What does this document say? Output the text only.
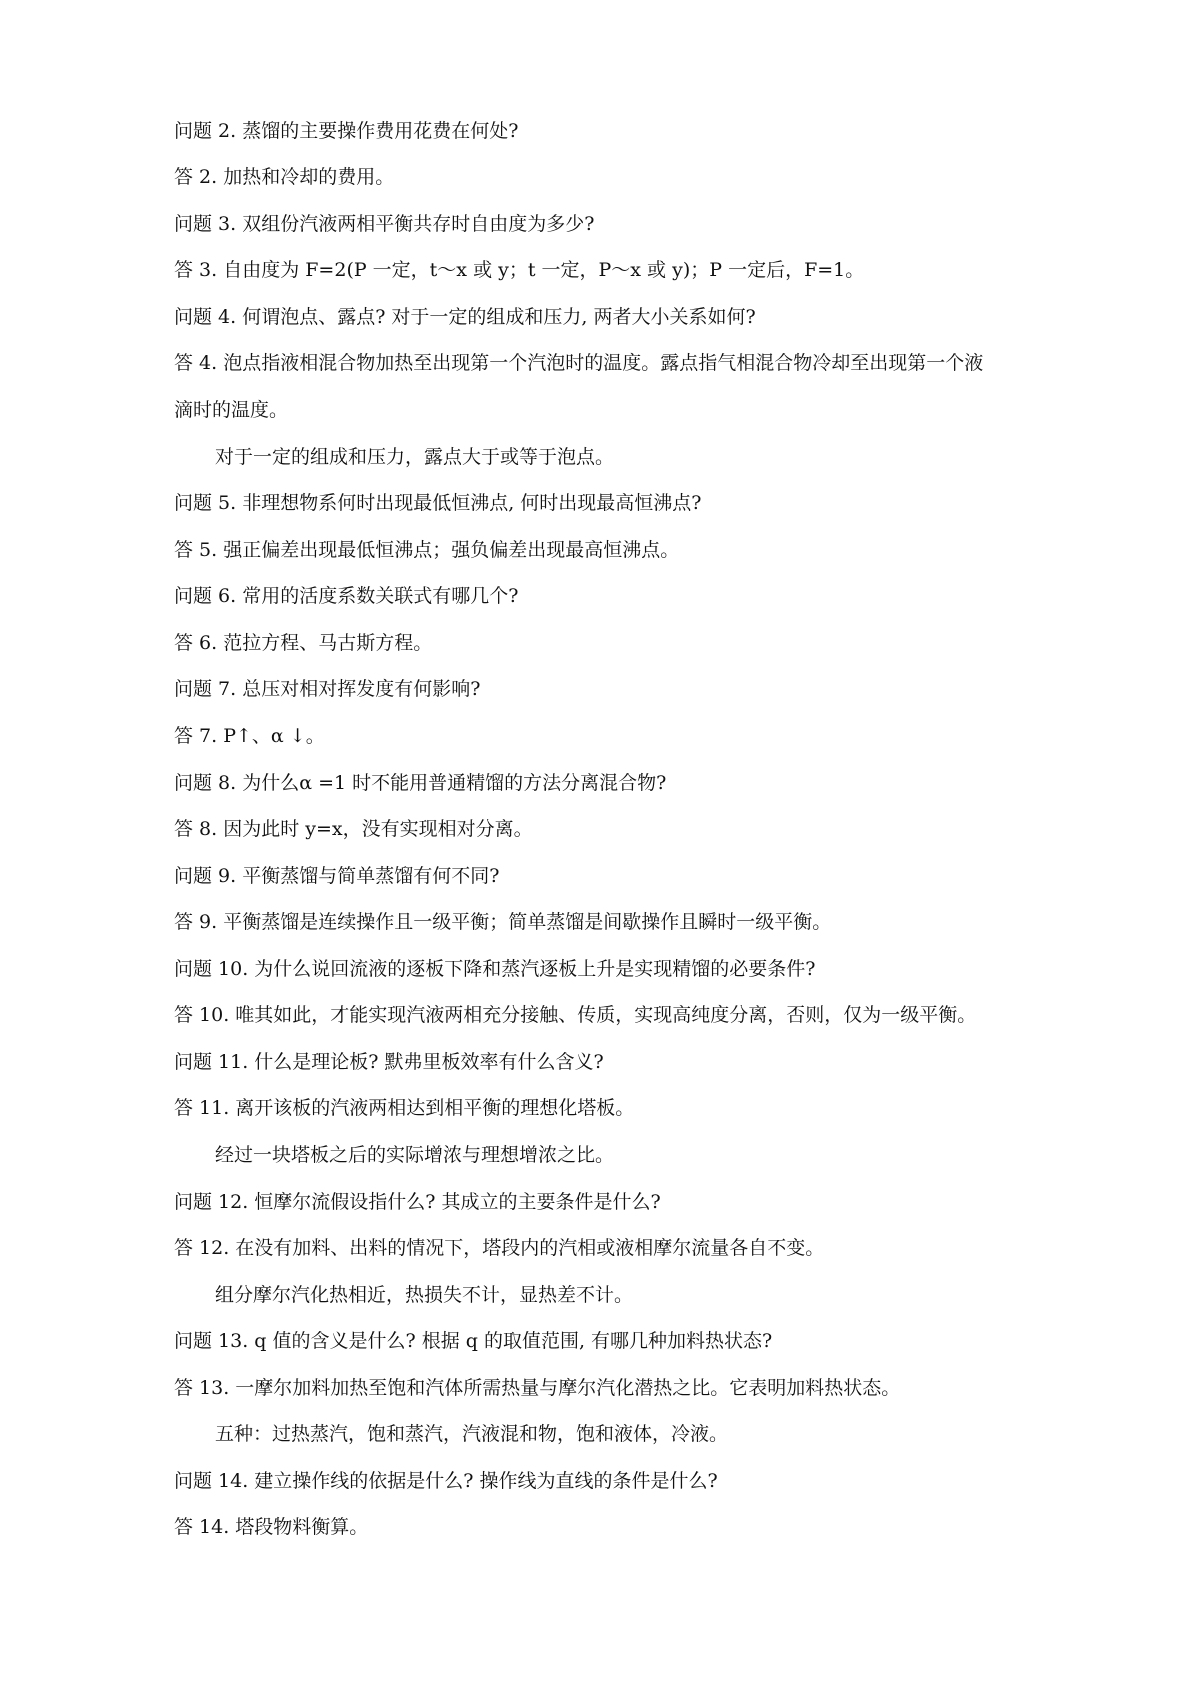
问题 2. 蒸馏的主要操作费用花费在何处?
答 2. 加热和冷却的费用。
问题 3. 双组份汽液两相平衡共存时自由度为多少?
答 3. 自由度为 F=2(P 一定，t～x 或 y；t 一定，P～x 或 y)；P 一定后，F=1。
问题 4. 何谓泡点、露点? 对于一定的组成和压力, 两者大小关系如何?
答 4. 泡点指液相混合物加热至出现第一个汽泡时的温度。露点指气相混合物冷却至出现第一个液
滴时的温度。
对于一定的组成和压力，露点大于或等于泡点。
问题 5. 非理想物系何时出现最低恒沸点, 何时出现最高恒沸点?
答 5. 强正偏差出现最低恒沸点；强负偏差出现最高恒沸点。
问题 6. 常用的活度系数关联式有哪几个?
答 6. 范拉方程、马古斯方程。
问题 7. 总压对相对挥发度有何影响?
答 7. P↑、α ↓。
问题 8. 为什么α =1 时不能用普通精馏的方法分离混合物?
答 8. 因为此时 y=x，没有实现相对分离。
问题 9. 平衡蒸馏与简单蒸馏有何不同?
答 9. 平衡蒸馏是连续操作且一级平衡；简单蒸馏是间歇操作且瞬时一级平衡。
问题 10. 为什么说回流液的逐板下降和蒸汽逐板上升是实现精馏的必要条件?
答 10. 唯其如此，才能实现汽液两相充分接触、传质，实现高纯度分离，否则，仅为一级平衡。
问题 11. 什么是理论板? 默弗里板效率有什么含义?
答 11. 离开该板的汽液两相达到相平衡的理想化塔板。
经过一块塔板之后的实际增浓与理想增浓之比。
问题 12. 恒摩尔流假设指什么? 其成立的主要条件是什么?
答 12. 在没有加料、出料的情况下，塔段内的汽相或液相摩尔流量各自不变。
组分摩尔汽化热相近，热损失不计，显热差不计。
问题 13. q 值的含义是什么? 根据 q 的取值范围, 有哪几种加料热状态?
答 13. 一摩尔加料加热至饱和汽体所需热量与摩尔汽化潜热之比。它表明加料热状态。
五种：过热蒸汽，饱和蒸汽，汽液混和物，饱和液体，冷液。
问题 14. 建立操作线的依据是什么? 操作线为直线的条件是什么?
答 14. 塔段物料衡算。
